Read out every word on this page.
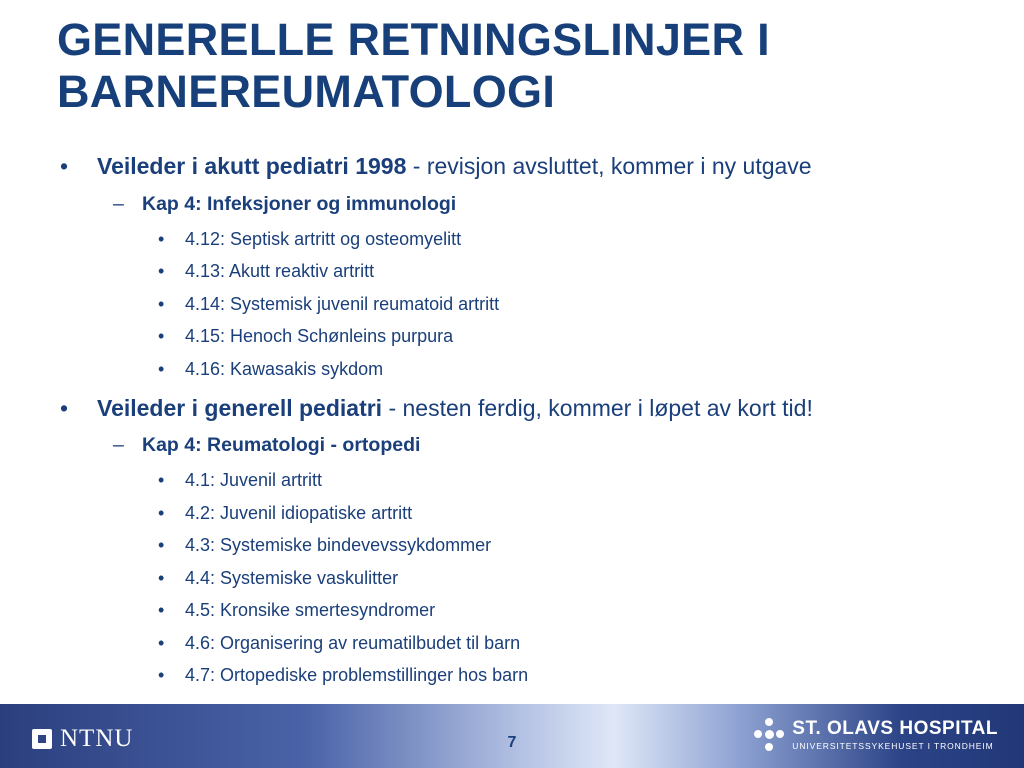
GENERELLE RETNINGSLINJER I BARNEREUMATOLOGI
• Veileder i akutt pediatri 1998 - revisjon avsluttet, kommer i ny utgave
– Kap 4: Infeksjoner og immunologi
• 4.12: Septisk artritt og osteomyelitt
• 4.13: Akutt reaktiv artritt
• 4.14: Systemisk juvenil reumatoid artritt
• 4.15: Henoch Schønleins purpura
• 4.16: Kawasakis sykdom
• Veileder i generell pediatri - nesten ferdig, kommer i løpet av kort tid!
– Kap 4: Reumatologi - ortopedi
• 4.1: Juvenil artritt
• 4.2: Juvenil idiopatiske artritt
• 4.3: Systemiske bindevevssykdommer
• 4.4: Systemiske vaskulitter
• 4.5: Kronsike smertesyndromer
• 4.6: Organisering av reumatilbudet til barn
• 4.7: Ortopediske problemstillinger hos barn
NTNU	7
ST. OLAVS HOSPITAL
UNIVERSITETSSYKEHUSET I TRONDHEIM
